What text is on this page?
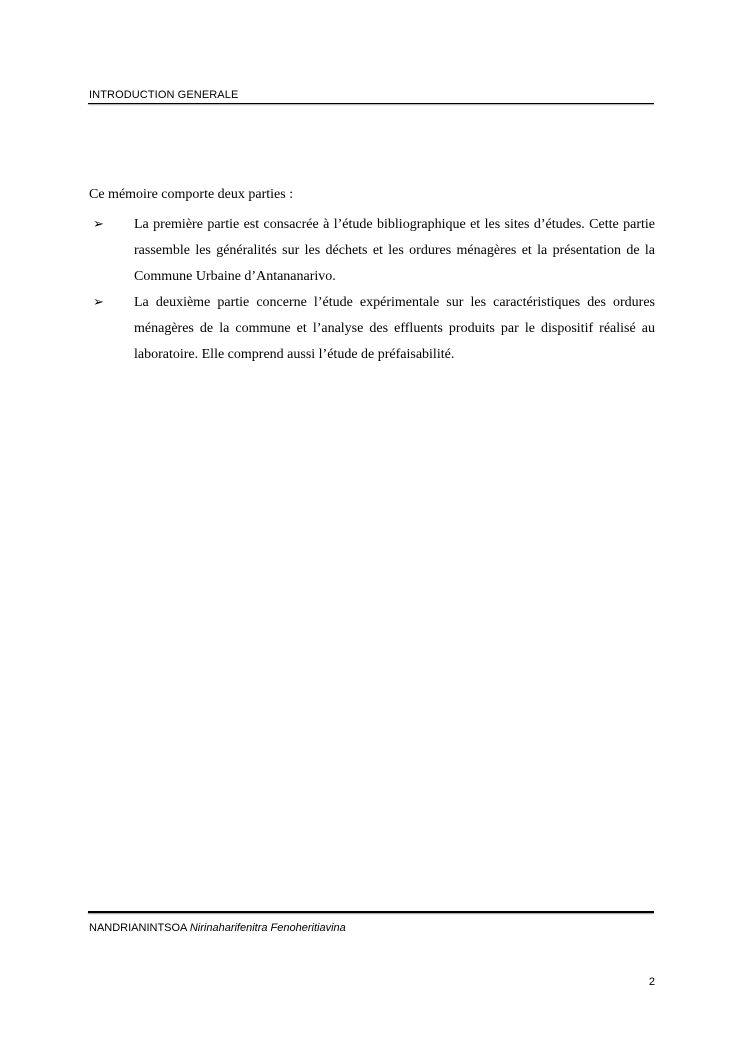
INTRODUCTION GENERALE

Ce mémoire comporte deux parties :

➢ La première partie est consacrée à l’étude bibliographique et les sites d’études. Cette partie rassemble les généralités sur les déchets et les ordures ménagères et la présentation de la Commune Urbaine d’Antananarivo.
➢ La deuxième partie concerne l’étude expérimentale sur les caractéristiques des ordures ménagères de la commune et l’analyse des effluents produits par le dispositif réalisé au laboratoire. Elle comprend aussi l’étude de préfaisabilité.
NANDRIANINTSOA Nirinaharifenitra Fenoheritiavina
2
